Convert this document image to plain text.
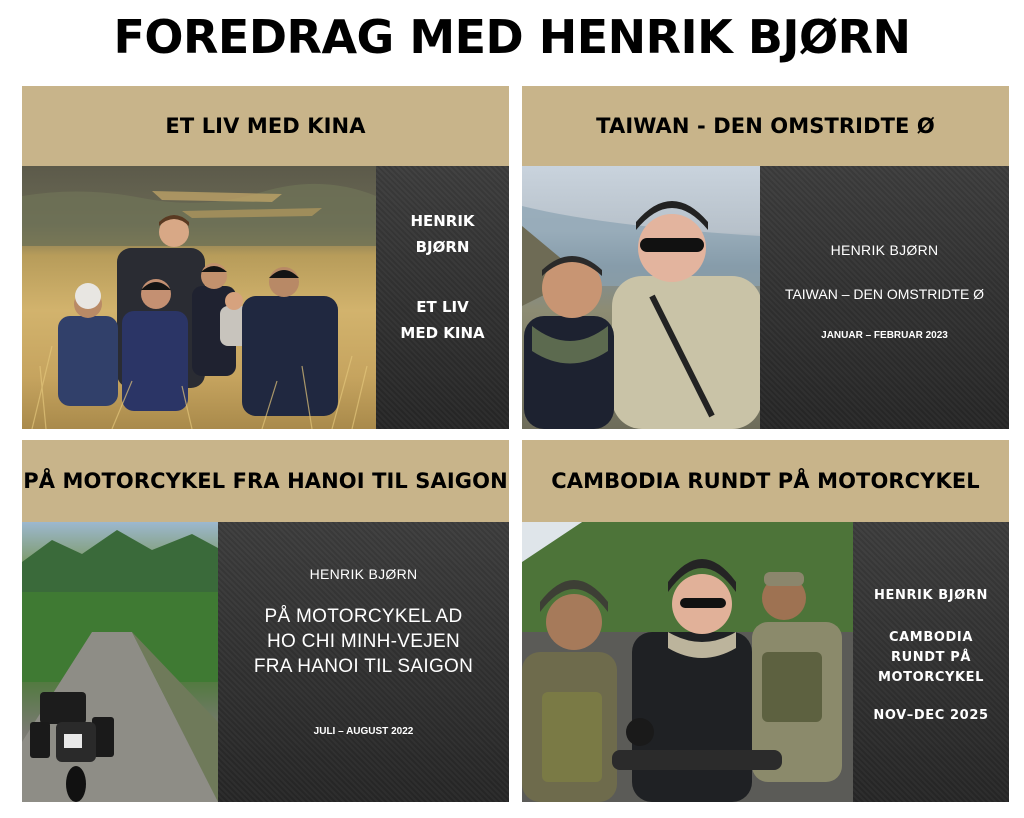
FOREDRAG MED HENRIK BJØRN
ET LIV MED KINA
HENRIK
BJØRN
ET LIV
MED KINA
TAIWAN - DEN OMSTRIDTE Ø
HENRIK BJØRN
TAIWAN – DEN OMSTRIDTE Ø
JANUAR – FEBRUAR 2023
PÅ MOTORCYKEL FRA HANOI TIL SAIGON
HENRIK BJØRN
PÅ MOTORCYKEL AD
HO CHI MINH-VEJEN
FRA HANOI TIL SAIGON
JULI – AUGUST 2022
CAMBODIA RUNDT PÅ MOTORCYKEL
HENRIK BJØRN
CAMBODIA
RUNDT PÅ
MOTORCYKEL
NOV–DEC 2025
